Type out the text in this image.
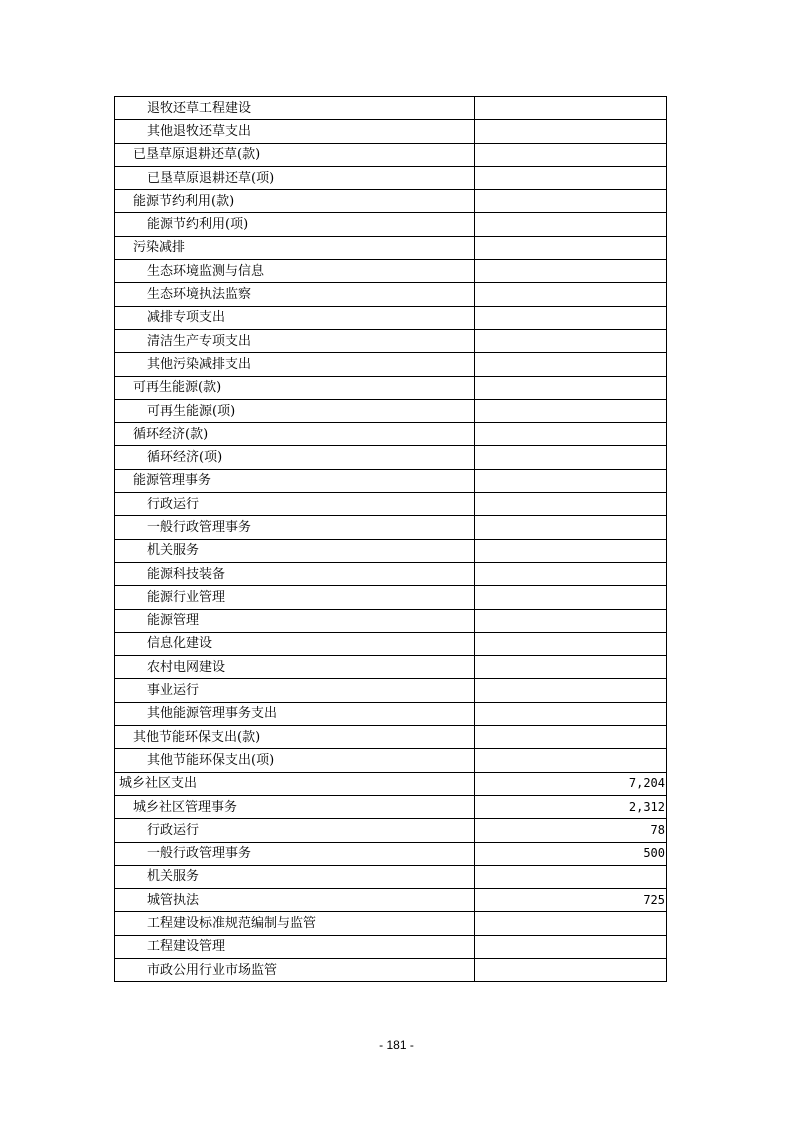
退牧还草工程建设	
其他退牧还草支出	
已垦草原退耕还草(款)	
已垦草原退耕还草(项)	
能源节约利用(款)	
能源节约利用(项)	
污染减排	
生态环境监测与信息	
生态环境执法监察	
减排专项支出	
清洁生产专项支出	
其他污染减排支出	
可再生能源(款)	
可再生能源(项)	
循环经济(款)	
循环经济(项)	
能源管理事务	
行政运行	
一般行政管理事务	
机关服务	
能源科技装备	
能源行业管理	
能源管理	
信息化建设	
农村电网建设	
事业运行	
其他能源管理事务支出	
其他节能环保支出(款)	
其他节能环保支出(项)	
城乡社区支出	7,204
城乡社区管理事务	2,312
行政运行	78
一般行政管理事务	500
机关服务	
城管执法	725
工程建设标准规范编制与监管	
工程建设管理	
市政公用行业市场监管	
- 181 -
